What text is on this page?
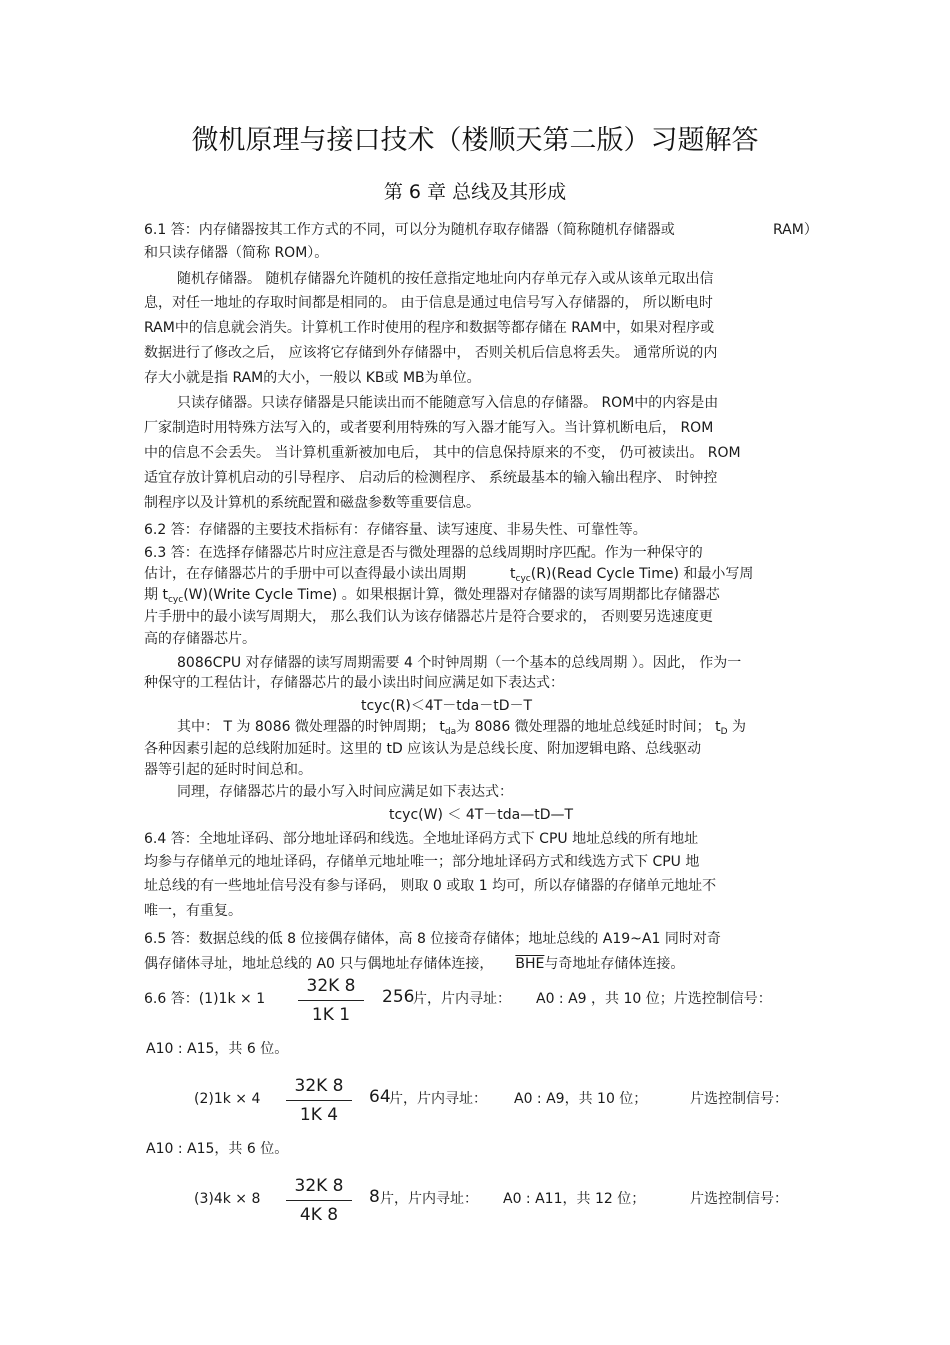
微机原理与接口技术（楼顺天第二版）习题解答
第 6 章 总线及其形成
6.1 答：内存储器按其工作方式的不同，可以分为随机存取存储器（简称随机存储器或	RAM）
和只读存储器（简称 ROM）。
随机存储器。 随机存储器允许随机的按任意指定地址向内存单元存入或从该单元取出信
息，对任一地址的存取时间都是相同的。 由于信息是通过电信号写入存储器的， 所以断电时
RAM中的信息就会消失。计算机工作时使用的程序和数据等都存储在 RAM中，如果对程序或
数据进行了修改之后， 应该将它存储到外存储器中， 否则关机后信息将丢失。 通常所说的内
存大小就是指 RAM的大小，一般以 KB或 MB为单位。
只读存储器。只读存储器是只能读出而不能随意写入信息的存储器。 ROM中的内容是由
厂家制造时用特殊方法写入的，或者要利用特殊的写入器才能写入。当计算机断电后， ROM
中的信息不会丢失。 当计算机重新被加电后， 其中的信息保持原来的不变， 仍可被读出。 ROM
适宜存放计算机启动的引导程序、 启动后的检测程序、 系统最基本的输入输出程序、 时钟控
制程序以及计算机的系统配置和磁盘参数等重要信息。
6.2 答：存储器的主要技术指标有：存储容量、读写速度、非易失性、可靠性等。
6.3 答：在选择存储器芯片时应注意是否与微处理器的总线周期时序匹配。作为一种保守的
估计，在存储器芯片的手册中可以查得最小读出周期	$t_{cyc}(R)(Read$ Cycle Time) 和最小写周
期 $t_{cyc}(W)(Write$ Cycle Time) 。如果根据计算，微处理器对存储器的读写周期都比存储器芯
片手册中的最小读写周期大， 那么我们认为该存储器芯片是符合要求的， 否则要另选速度更
高的存储器芯片。
8086CPU 对存储器的读写周期需要 4 个时钟周期（一个基本的总线周期 ）。因此， 作为一
种保守的工程估计，存储器芯片的最小读出时间应满足如下表达式：
tcyc(R)＜4T－tda－tD－T
其中： T 为 8086 微处理器的时钟周期； $t_{da}$为 8086 微处理器的地址总线延时时间； $t_D$ 为
各种因素引起的总线附加延时。这里的 tD 应该认为是总线长度、附加逻辑电路、总线驱动
器等引起的延时时间总和。
同理，存储器芯片的最小写入时间应满足如下表达式：
tcyc(W) ＜ 4T－tda—tD—T
6.4 答：全地址译码、部分地址译码和线选。全地址译码方式下 CPU 地址总线的所有地址
均参与存储单元的地址译码，存储单元地址唯一；部分地址译码方式和线选方式下 CPU 地
址总线的有一些地址信号没有参与译码， 则取 0 或取 1 均可，所以存储器的存储单元地址不
唯一，有重复。
6.5 答：数据总线的低 8 位接偶存储体，高 8 位接奇存储体；地址总线的 A19~A1 同时对奇
偶存储体寻址，地址总线的 A0 只与偶地址存储体连接， $\overline{BHE}$与奇地址存储体连接。
6.6 答：$(1)1k \times 1 \frac{32K 8}{1K 1} 256$
片，片内寻址： A0 : A9 ，共 10 位；片选控制信号：
A10 : A15，共 6 位。
$(2)1k \times 4 \frac{32K 8}{1K 4} 64$
片，片内寻址： A0 : A9，共 10 位；	片选控制信号：
A10 : A15，共 6 位。
$(3)4k \times 8 \frac{32K 8}{4K 8} 8$ 片，片内寻址： A0 : A11，共 12 位；	片选控制信号：
